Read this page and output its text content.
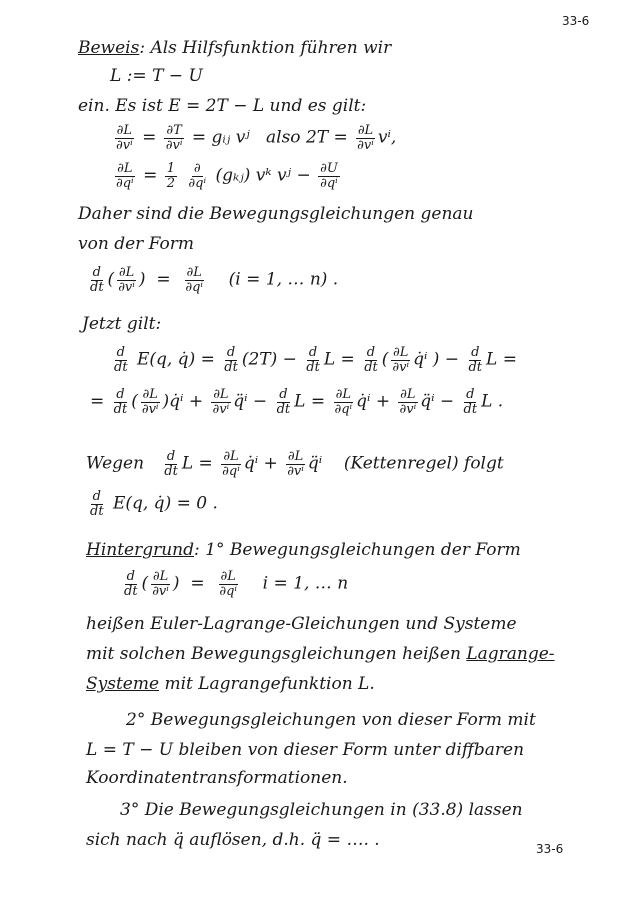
33-6
Beweis: Als Hilfsfunktion führen wir
L := T − U
ein. Es ist E = 2T − L und es gilt:
$\frac{\partial L}{\text{∂vⁱ}} = \frac{\partial T}{\text{∂vⁱ}}$ = gᵢⱼ vʲ also $2T = \frac{\partial L}{\text{∂vⁱ}} v^i$,
$\frac{\partial L}{\text{∂qⁱ}} = \frac{1}{2}$
$\frac{\partial}{\text{∂qⁱ}}$ (gₖⱼ) vᵏ vʲ − $\frac{\partial U}{\text{∂qⁱ}}$
Daher sind die Bewegungsgleichungen genau
von der Form
$\frac{d}{dt}$ ( $\frac{\partial L}{\text{∂vⁱ}}$ )  = $\frac{\partial L}{\text{∂qⁱ}} (i = 1$, … n) .
Jetzt gilt:
$\frac{d}{dt} E(q$, q̇) = $\frac{d}{dt} (2T) - \frac{d}{dt}$ $L = \frac{d}{dt}$ ( $\frac{\partial L}{\text{∂vⁱ}}$ q̇ⁱ ) − $\frac{d}{dt}$ L =
= $\frac{d}{dt}$ ( $\frac{\partial L}{\text{∂vⁱ}}$ )q̇ⁱ + $\frac{\partial L}{\text{∂vⁱ}}$ q̈ⁱ − $\frac{d}{dt}$ $L = \frac{\partial L}{\text{∂qⁱ}}$ q̇ⁱ + $\frac{\partial L}{\text{∂vⁱ}}$ q̈ⁱ − $\frac{d}{dt}$ L .
Wegen $\frac{d}{dt}$ $L = \frac{\partial L}{\text{∂qⁱ}}$ q̇ⁱ + $\frac{\partial L}{\text{∂vⁱ}}$ q̈ⁱ (Kettenregel) folgt
$\frac{d}{dt} E(q$, q̇) = 0 .
Hintergrund: 1° Bewegungsgleichungen der Form
$\frac{d}{dt}$ ( $\frac{\partial L}{\text{∂vⁱ}}$ )  = $\frac{\partial L}{\text{∂qⁱ}}$ i = 1, … n
heißen Euler-Lagrange-Gleichungen und Systeme
mit solchen Bewegungsgleichungen heißen Lagrange-
Systeme mit Lagrangefunktion L.
2° Bewegungsgleichungen von dieser Form mit
L = T − U bleiben von dieser Form unter diffbaren
Koordinatentransformationen.
3° Die Bewegungsgleichungen in (33.8) lassen
sich nach q̈ auflösen, d.h. q̈ = …. .	33-6
